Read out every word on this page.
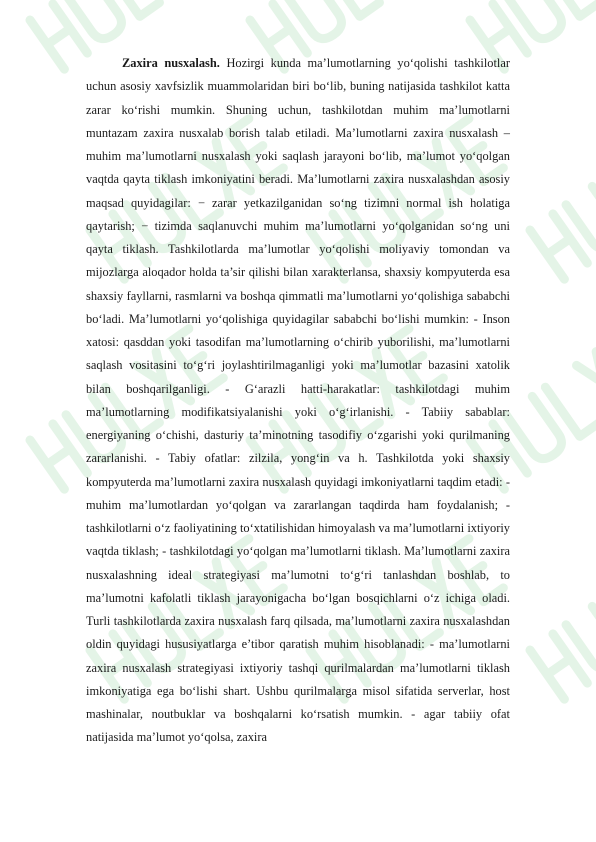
Zaxira nusxalash. Hozirgi kunda ma’lumotlarning yo‘qolishi tashkilotlar uchun asosiy xavfsizlik muammolaridan biri bo‘lib, buning natijasida tashkilot katta zarar ko‘rishi mumkin. Shuning uchun, tashkilotdan muhim ma’lumotlarni muntazam zaxira nusxalab borish talab etiladi. Ma’lumotlarni zaxira nusxalash – muhim ma’lumotlarni nusxalash yoki saqlash jarayoni bo‘lib, ma’lumot yo‘qolgan vaqtda qayta tiklash imkoniyatini beradi. Ma’lumotlarni zaxira nusxalashdan asosiy maqsad quyidagilar: − zarar yetkazilganidan so‘ng tizimni normal ish holatiga qaytarish; − tizimda saqlanuvchi muhim ma’lumotlarni yo‘qolganidan so‘ng uni qayta tiklash. Tashkilotlarda ma’lumotlar yo‘qolishi moliyaviy tomondan va mijozlarga aloqador holda ta’sir qilishi bilan xarakterlansa, shaxsiy kompyuterda esa shaxsiy fayllarni, rasmlarni va boshqa qimmatli ma’lumotlarni yo‘qolishiga sababchi bo‘ladi. Ma’lumotlarni yo‘qolishiga quyidagilar sababchi bo‘lishi mumkin: - Inson xatosi: qasddan yoki tasodifan ma’lumotlarning o‘chirib yuborilishi, ma’lumotlarni saqlash vositasini to‘g‘ri joylashtirilmaganligi yoki ma’lumotlar bazasini xatolik bilan boshqarilganligi. - G‘arazli hatti-harakatlar: tashkilotdagi muhim ma’lumotlarning modifikatsiyalanishi yoki o‘g‘irlanishi. - Tabiiy sabablar: energiyaning o‘chishi, dasturiy ta’minotning tasodifiy o‘zgarishi yoki qurilmaning zararlanishi. - Tabiy ofatlar: zilzila, yong‘in va h. Tashkilotda yoki shaxsiy kompyuterda ma’lumotlarni zaxira nusxalash quyidagi imkoniyatlarni taqdim etadi: - muhim ma’lumotlardan yo‘qolgan va zararlangan taqdirda ham foydalanish; - tashkilotlarni o‘z faoliyatining to‘xtatilishidan himoyalash va ma’lumotlarni ixtiyoriy vaqtda tiklash; - tashkilotdagi yo‘qolgan ma’lumotlarni tiklash. Ma’lumotlarni zaxira nusxalashning ideal strategiyasi ma’lumotni to‘g‘ri tanlashdan boshlab, to ma’lumotni kafolatli tiklash jarayonigacha bo‘lgan bosqichlarni o‘z ichiga oladi. Turli tashkilotlarda zaxira nusxalash farq qilsada, ma’lumotlarni zaxira nusxalashdan oldin quyidagi hususiyatlarga e’tibor qaratish muhim hisoblanadi: - ma’lumotlarni zaxira nusxalash strategiyasi ixtiyoriy tashqi qurilmalardan ma’lumotlarni tiklash imkoniyatiga ega bo‘lishi shart. Ushbu qurilmalarga misol sifatida serverlar, host mashinalar, noutbuklar va boshqalarni ko‘rsatish mumkin. - agar tabiiy ofat natijasida ma’lumot yo‘qolsa, zaxira
